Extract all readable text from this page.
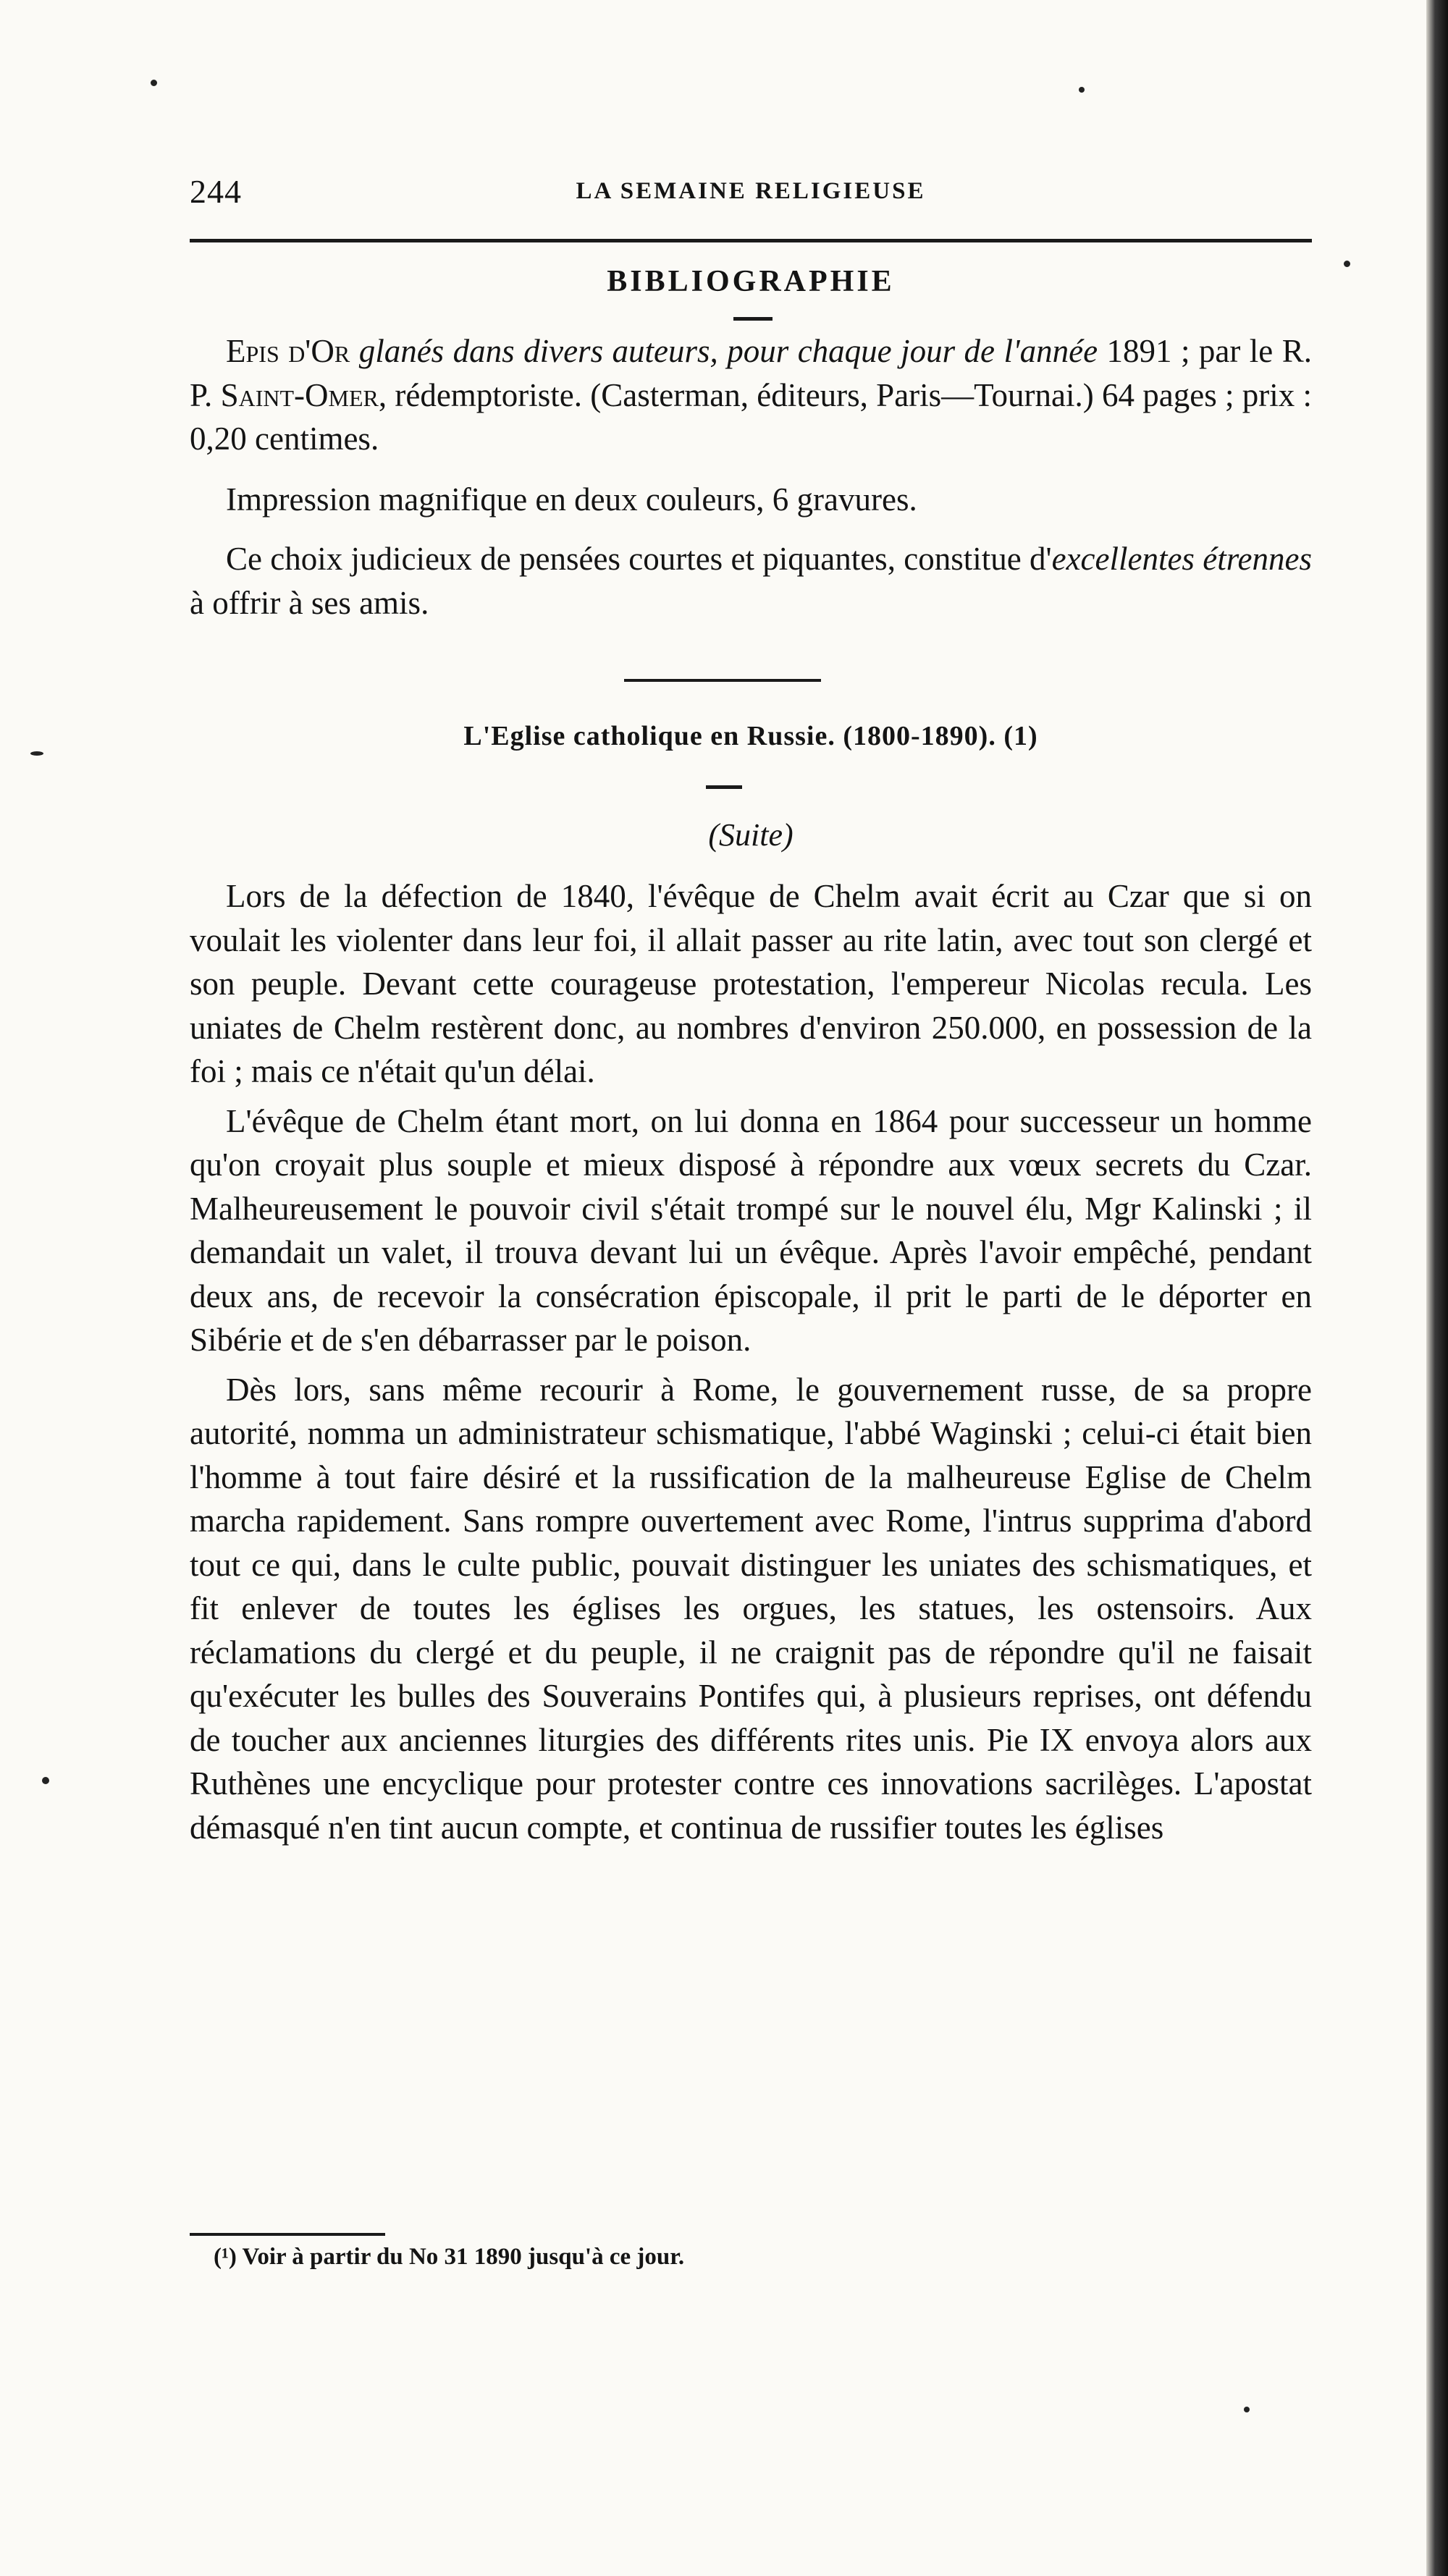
244	LA SEMAINE RELIGIEUSE
BIBLIOGRAPHIE

Epis d'Or glanés dans divers auteurs, pour chaque jour de l'année 1891 ; par le R. P. Saint-Omer, rédemptoriste. (Casterman, éditeurs, Paris—Tournai.) 64 pages ; prix : 0,20 centimes.

Impression magnifique en deux couleurs, 6 gravures.

Ce choix judicieux de pensées courtes et piquantes, constitue d'excellentes étrennes à offrir à ses amis.

L'Eglise catholique en Russie. (1800-1890). (1)
(Suite)

Lors de la défection de 1840, l'évêque de Chelm avait écrit au Czar que si on voulait les violenter dans leur foi, il allait passer au rite latin, avec tout son clergé et son peuple. Devant cette courageuse protestation, l'empereur Nicolas recula. Les uniates de Chelm restèrent donc, au nombres d'environ 250.000, en possession de la foi ; mais ce n'était qu'un délai.

L'évêque de Chelm étant mort, on lui donna en 1864 pour successeur un homme qu'on croyait plus souple et mieux disposé à répondre aux vœux secrets du Czar. Malheureusement le pouvoir civil s'était trompé sur le nouvel élu, Mgr Kalinski ; il demandait un valet, il trouva devant lui un évêque. Après l'avoir empêché, pendant deux ans, de recevoir la consécration épiscopale, il prit le parti de le déporter en Sibérie et de s'en débarrasser par le poison.

Dès lors, sans même recourir à Rome, le gouvernement russe, de sa propre autorité, nomma un administrateur schismatique, l'abbé Waginski ; celui-ci était bien l'homme à tout faire désiré et la russification de la malheureuse Eglise de Chelm marcha rapidement. Sans rompre ouvertement avec Rome, l'intrus supprima d'abord tout ce qui, dans le culte public, pouvait distinguer les uniates des schismatiques, et fit enlever de toutes les églises les orgues, les statues, les ostensoirs. Aux réclamations du clergé et du peuple, il ne craignit pas de répondre qu'il ne faisait qu'exécuter les bulles des Souverains Pontifes qui, à plusieurs reprises, ont défendu de toucher aux anciennes liturgies des différents rites unis. Pie IX envoya alors aux Ruthènes une encyclique pour protester contre ces innovations sacrilèges. L'apostat démasqué n'en tint aucun compte, et continua de russifier toutes les églises

(¹) Voir à partir du No 31 1890 jusqu'à ce jour.
